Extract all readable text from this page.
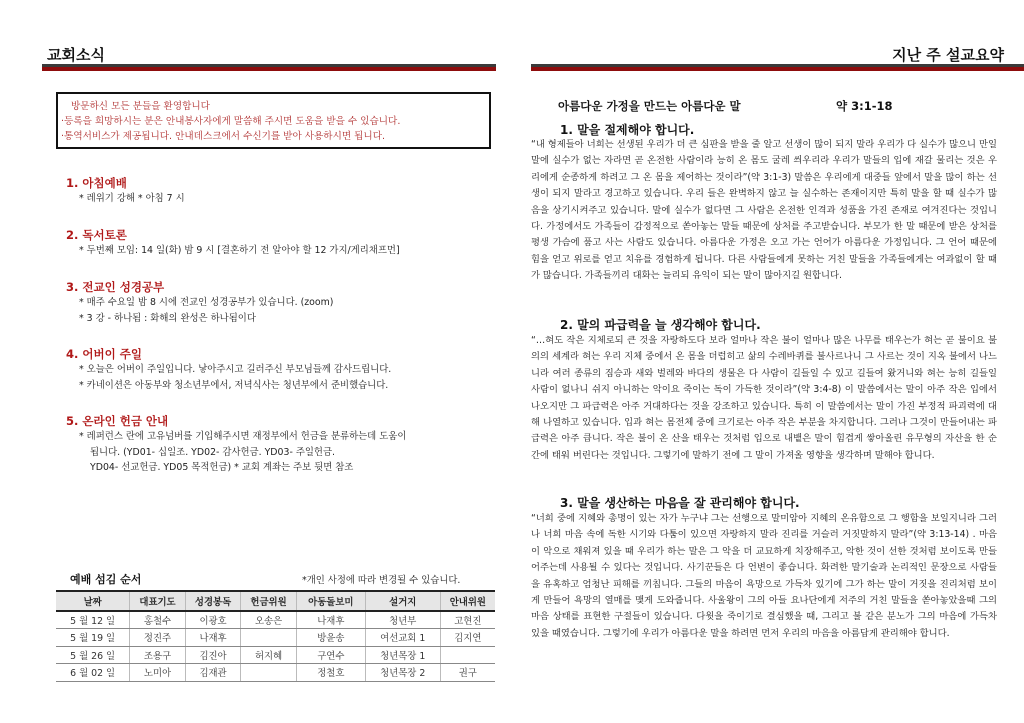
교회소식
방문하신 모든 분들을 환영합니다
·등록을 희망하시는 분은 안내봉사자에게 말씀해 주시면 도움을 받을 수 있습니다.
·통역서비스가 제공됩니다. 안내데스크에서 수신기를 받아 사용하시면 됩니다.
1. 아침예배
* 레위기 강해 * 아침 7 시
2. 독서토론
* 두번째 모임: 14 일(화) 밤 9 시 [결혼하기 전 알아야 할 12 가지/게리채프먼]
3. 전교인 성경공부
* 매주 수요일 밤 8 시에 전교인 성경공부가 있습니다. (zoom)
* 3 강 - 하나됨 : 화해의 완성은 하나됨이다
4. 어버이 주일
* 오늘은 어버이 주일입니다. 낳아주시고 길러주신 부모님들께 감사드립니다.
* 카네이션은 아동부와 청소년부에서, 저녁식사는 청년부에서 준비했습니다.
5. 온라인 헌금 안내
* 레퍼런스 란에 고유넘버를 기입해주시면 재정부에서 헌금을 분류하는데 도움이
됩니다. (YD01- 십일조. YD02- 감사헌금. YD03- 주일헌금.
YD04- 선교헌금. YD05 목적헌금) * 교회 계좌는 주보 뒷면 참조
예배 섬김 순서	*개인 사정에 따라 변경될 수 있습니다.
날짜	대표기도	성경봉독	헌금위원	아동돌보미	설거지	안내위원
5 월 12 일	홍철수	이광호	오송은	나재후	청년부	고현진
5 월 19 일	정진주	나재후		방윤송	여선교회 1	김지연
5 월 26 일	조용구	김진아	허지혜	구연수	청년목장 1	
6 월 02 일	노미아	김재관		정철호	청년목장 2	권구
지난 주 설교요약
아름다운 가정을 만드는 아름다운 말	약 3:1-18
1. 말을 절제해야 합니다.
“내 형제들아 너희는 선생된 우리가 더 큰 심판을 받을 줄 알고 선생이 많이 되지 말라 우리가 다 실수가 많으니 만일 말에 실수가 없는 자라면 곧 온전한 사람이라 능히 온 몸도 굴레 씌우리라 우리가 말들의 입에 재갈 물리는 것은 우리에게 순종하게 하려고 그 온 몸을 제어하는 것이라”(약 3:1-3) 말씀은 우리에게 대중들 앞에서 말을 많이 하는 선생이 되지 말라고 경고하고 있습니다. 우리 들은 완벽하지 않고 늘 실수하는 존재이지만 특히 말을 할 때 실수가 많음을 상기시켜주고 있습니다. 말에 실수가 없다면 그 사람은 온전한 인격과 성품을 가진 존재로 여겨진다는 것입니다. 가정에서도 가족들이 감정적으로 쏟아놓는 말들 때문에 상처를 주고받습니다. 부모가 한 말 때문에 받은 상처를 평생 가슴에 품고 사는 사람도 있습니다. 아름다운 가정은 오고 가는 언어가 아름다운 가정입니다. 그 언어 때문에 힘을 얻고 위로를 얻고 치유를 경험하게 됩니다. 다른 사람들에게 못하는 거친 말들을 가족들에게는 여과없이 할 때가 많습니다. 가족들끼리 대화는 늘리되 유익이 되는 말이 많아지길 원합니다.
2. 말의 파급력을 늘 생각해야 합니다.
“…혀도 작은 지체로되 큰 것을 자랑하도다 보라 얼마나 작은 불이 얼마나 많은 나무를 태우는가 혀는 곧 불이요 불의의 세계라 혀는 우리 지체 중에서 온 몸을 더럽히고 삶의 수레바퀴를 불사르나니 그 사르는 것이 지옥 불에서 나느니라 여러 종류의 짐승과 새와 벌레와 바다의 생물은 다 사람이 길들일 수 있고 길들여 왔거니와 혀는 능히 길들일 사람이 없나니 쉬지 아니하는 악이요 죽이는 독이 가득한 것이라”(약 3:4-8) 이 말씀에서는 말이 아주 작은 입에서 나오지만 그 파급력은 아주 거대하다는 것을 강조하고 있습니다. 특히 이 말씀에서는 말이 가진 부정적 파괴력에 대해 나열하고 있습니다. 입과 혀는 몸전체 중에 크기로는 아주 작은 부분을 차지합니다. 그러나 그것이 만들어내는 파급력은 아주 큽니다. 작은 불이 온 산을 태우는 것처럼 입으로 내뱉은 말이 힘겹게 쌓아올린 유무형의 자산을 한 순간에 태워 버린다는 것입니다. 그렇기에 말하기 전에 그 말이 가져올 영향을 생각하며 말해야 합니다.
3. 말을 생산하는 마음을 잘 관리해야 합니다.
“너희 중에 지혜와 총명이 있는 자가 누구냐 그는 선행으로 말미암아 지혜의 온유함으로 그 행함을 보일지니라 그러나 너희 마음 속에 독한 시기와 다툼이 있으면 자랑하지 말라 진리를 거슬러 거짓말하지 말라”(약 3:13-14) . 마음이 악으로 채워져 있을 때 우리가 하는 말은 그 악을 더 교묘하게 치장해주고, 악한 것이 선한 것처럼 보이도록 만들어주는데 사용될 수 있다는 것입니다. 사기꾼들은 다 언변이 좋습니다. 화려한 말기술과 논리적인 문장으로 사람들을 유혹하고 엄청난 피해를 끼칩니다. 그들의 마음이 욕망으로 가득차 있기에 그가 하는 말이 거짓을 진리처럼 보이게 만들어 욕망의 열매를 맺게 도와줍니다. 사울왕이 그의 아들 요나단에게 저주의 거친 말들을 쏟아놓았을때 그의 마음 상태를 표현한 구절들이 있습니다. 다윗을 죽이기로 결심했을 때, 그리고 불 같은 분노가 그의 마음에 가득차 있을 때였습니다. 그렇기에 우리가 아름다운 말을 하려면 먼저 우리의 마음을 아름답게 관리해야 합니다.
